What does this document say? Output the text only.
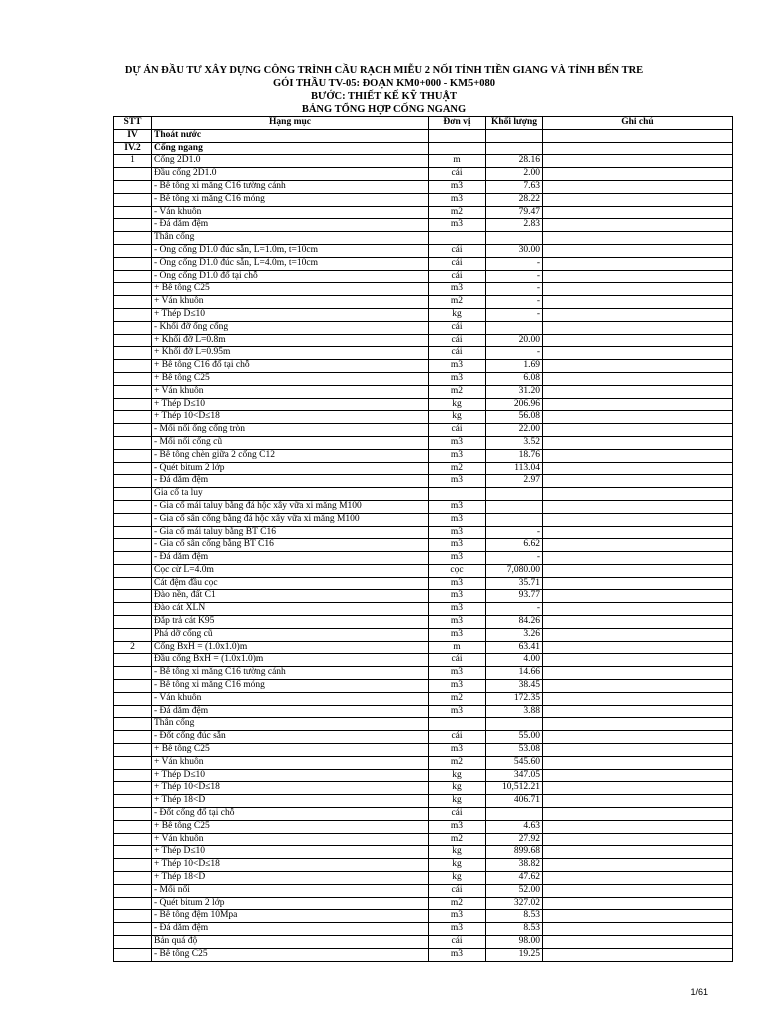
DỰ ÁN ĐẦU TƯ XÂY DỰNG CÔNG TRÌNH CẦU RẠCH MIỄU 2 NỐI TỈNH TIỀN GIANG VÀ TỈNH BẾN TRE
GÓI THẦU TV-05: ĐOẠN KM0+000 - KM5+080
BƯỚC: THIẾT KẾ KỸ THUẬT
BẢNG TỔNG HỢP CỐNG NGANG
STT	Hạng mục	Đơn vị	Khối lượng	Ghi chú
IV	Thoát nước			
IV.2	Cống ngang			
1	Cống 2D1.0	m	28.16	
	Đầu cống 2D1.0	cái	2.00	
	- Bê tông xi măng C16 tường cánh	m3	7.63	
	- Bê tông xi măng C16 móng	m3	28.22	
	- Ván khuôn	m2	79.47	
	- Đá dăm đệm	m3	2.83	
	Thân cống			
	- Ống cống D1.0 đúc sẵn, L=1.0m, t=10cm	cái	30.00	
	- Ống cống D1.0 đúc sẵn, L=4.0m, t=10cm	cái	-	
	- Ống cống D1.0 đổ tại chỗ	cái	-	
	+ Bê tông C25	m3	-	
	+ Ván khuôn	m2	-	
	+ Thép D≤10	kg	-	
	- Khối đỡ ống cống	cái		
	+ Khối đỡ L=0.8m	cái	20.00	
	+ Khối đỡ L=0.95m	cái	-	
	+ Bê tông C16 đổ tại chỗ	m3	1.69	
	+ Bê tông C25	m3	6.08	
	+ Ván khuôn	m2	31.20	
	+ Thép D≤10	kg	206.96	
	+ Thép 10<D≤18	kg	56.08	
	- Mối nối ống cống tròn	cái	22.00	
	- Mối nối cống cũ	m3	3.52	
	- Bê tông chèn giữa 2 cống C12	m3	18.76	
	- Quét bitum 2 lớp	m2	113.04	
	- Đá dăm đệm	m3	2.97	
	Gia cố ta luy			
	- Gia cố mái taluy bằng đá hộc xây vữa xi măng M100	m3		
	- Gia cố sân cống bằng đá hộc xây vữa xi măng M100	m3		
	- Gia cố mái taluy bằng BT C16	m3	-	
	- Gia cố sân cống bằng BT C16	m3	6.62	
	- Đá dăm đệm	m3	-	
	Cọc cừ L=4.0m	cọc	7,080.00	
	Cát đệm đầu cọc	m3	35.71	
	Đào nền, đất C1	m3	93.77	
	Đào cát XLN	m3	-	
	Đắp trả cát K95	m3	84.26	
	Phá dỡ cống cũ	m3	3.26	
2	Cống BxH = (1.0x1.0)m	m	63.41	
	Đầu cống BxH = (1.0x1.0)m	cái	4.00	
	- Bê tông xi măng C16 tường cánh	m3	14.66	
	- Bê tông xi măng C16 móng	m3	38.45	
	- Ván khuôn	m2	172.35	
	- Đá dăm đệm	m3	3.88	
	Thân cống			
	- Đốt cống đúc sẵn	cái	55.00	
	+ Bê tông C25	m3	53.08	
	+ Ván khuôn	m2	545.60	
	+ Thép D≤10	kg	347.05	
	+ Thép 10<D≤18	kg	10,512.21	
	+ Thép 18<D	kg	406.71	
	- Đốt cống đổ tại chỗ	cái		
	+ Bê tông C25	m3	4.63	
	+ Ván khuôn	m2	27.92	
	+ Thép D≤10	kg	899.68	
	+ Thép 10<D≤18	kg	38.82	
	+ Thép 18<D	kg	47.62	
	- Mối nối	cái	52.00	
	- Quét bitum 2 lớp	m2	327.02	
	- Bê tông đệm 10Mpa	m3	8.53	
	- Đá dăm đệm	m3	8.53	
	Bản quá độ	cái	98.00	
	- Bê tông C25	m3	19.25	
1/61
